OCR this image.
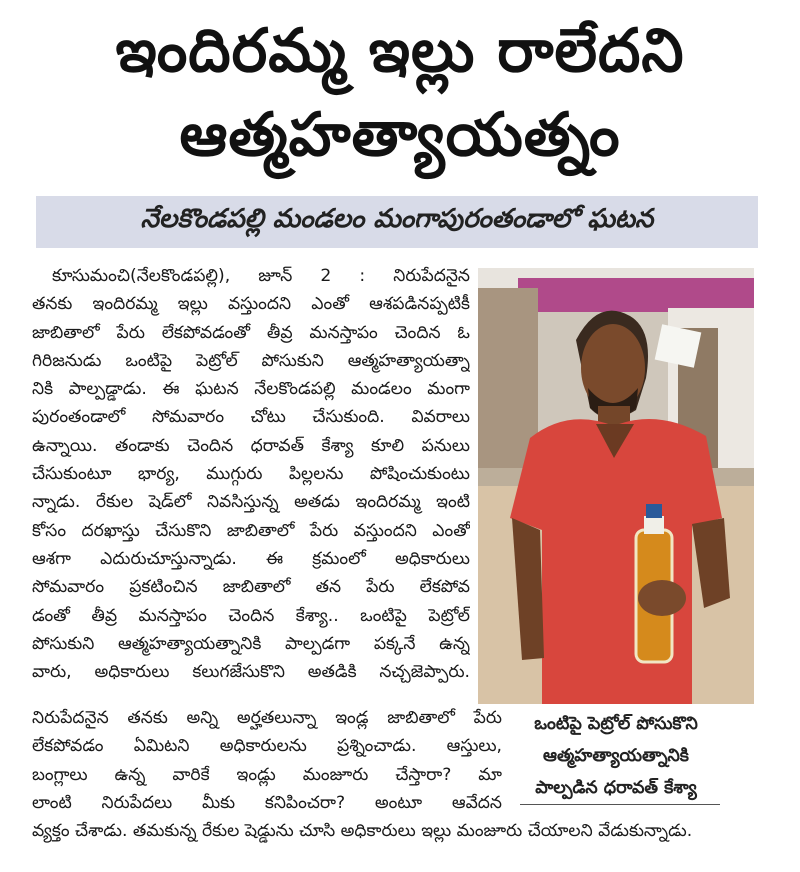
ఇందిరమ్మ ఇల్లు రాలేదని
ఆత్మహత్యాయత్నం
నేలకొండపల్లి మండలం మంగాపురంతండాలో ఘటన
కూసుమంచి(నేలకొండపల్లి), జూన్ 2 : నిరుపేదనైన
తనకు ఇందిరమ్మ ఇల్లు వస్తుందని ఎంతో ఆశపడినప్పటికీ
జాబితాలో పేరు లేకపోవడంతో తీవ్ర మనస్తాపం చెందిన ఓ
గిరిజనుడు ఒంటిపై పెట్రోల్ పోసుకుని ఆత్మహత్యాయత్నా
నికి పాల్పడ్డాడు. ఈ ఘటన నేలకొండపల్లి మండలం మంగా
పురంతండాలో సోమవారం చోటు చేసుకుంది. వివరాలు
ఉన్నాయి. తండాకు చెందిన ధరావత్ కేశ్యా కూలి పనులు
చేసుకుంటూ భార్య, ముగ్గురు పిల్లలను పోషించుకుంటు
న్నాడు. రేకుల షెడ్‌లో నివసిస్తున్న అతడు ఇందిరమ్మ ఇంటి
కోసం దరఖాస్తు చేసుకొని జాబితాలో పేరు వస్తుందని ఎంతో
ఆశగా ఎదురుచూస్తున్నాడు. ఈ క్రమంలో అధికారులు
సోమవారం ప్రకటించిన జాబితాలో తన పేరు లేకపోవ
డంతో తీవ్ర మనస్తాపం చెందిన కేశ్యా.. ఒంటిపై పెట్రోల్
పోసుకుని ఆత్మహత్యాయత్నానికి పాల్పడగా పక్కనే ఉన్న
వారు, అధికారులు కలుగజేసుకొని అతడికి నచ్చజెప్పారు.
ఒంటిపై పెట్రోల్ పోసుకొని
ఆత్మహత్యాయత్నానికి
పాల్పడిన ధరావత్ కేశ్యా
నిరుపేదనైన తనకు అన్ని అర్హతలున్నా ఇండ్ల జాబితాలో పేరు
లేకపోవడం ఏమిటని అధికారులను ప్రశ్నించాడు. ఆస్తులు,
బంగ్లాలు ఉన్న వారికే ఇండ్లు మంజూరు చేస్తారా? మా
లాంటి నిరుపేదలు మీకు కనిపించరా? అంటూ ఆవేదన
వ్యక్తం చేశాడు. తమకున్న రేకుల షెడ్డును చూసి అధికారులు ఇల్లు మంజూరు చేయాలని వేడుకున్నాడు.
